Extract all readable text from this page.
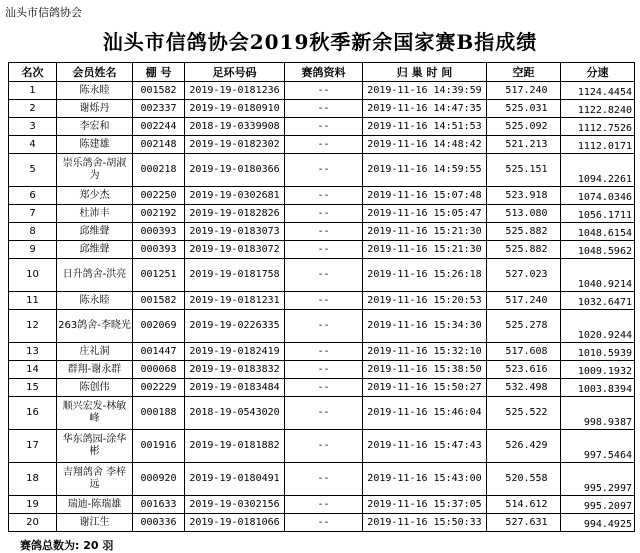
汕头市信鸽协会
汕头市信鸽协会2019秋季新余国家赛B指成绩
名次	会员姓名	棚 号	足环号码	赛鸽资料	归 巢 时 间	空距	分速
1	陈永睦	001582	2019-19-0181236	--	2019-11-16 14:39:59	517.240	1124.4454
2	谢烁丹	002337	2019-19-0180910	--	2019-11-16 14:47:35	525.031	1122.8240
3	李宏和	002244	2018-19-0339908	--	2019-11-16 14:51:53	525.092	1112.7526
4	陈建雄	002148	2019-19-0182302	--	2019-11-16 14:48:42	521.213	1112.0171
5	崇乐鸽舍-胡淑为	000218	2019-19-0180366	--	2019-11-16 14:59:55	525.151	1094.2261
6	郑少杰	002250	2019-19-0302681	--	2019-11-16 15:07:48	523.918	1074.0346
7	杜沛丰	002192	2019-19-0182826	--	2019-11-16 15:05:47	513.080	1056.1711
8	邱维聲	000393	2019-19-0183073	--	2019-11-16 15:21:30	525.882	1048.6154
9	邱维聲	000393	2019-19-0183072	--	2019-11-16 15:21:30	525.882	1048.5962
10	日升鸽舍-洪亮	001251	2019-19-0181758	--	2019-11-16 15:26:18	527.023	1040.9214
11	陈永睦	001582	2019-19-0181231	--	2019-11-16 15:20:53	517.240	1032.6471
12	263鸽舍-李晓光	002069	2019-19-0226335	--	2019-11-16 15:34:30	525.278	1020.9244
13	庄礼洞	001447	2019-19-0182419	--	2019-11-16 15:32:10	517.608	1010.5939
14	群翔-谢永群	000068	2019-19-0183832	--	2019-11-16 15:38:50	523.616	1009.1932
15	陈创伟	002229	2019-19-0183484	--	2019-11-16 15:50:27	532.498	1003.8394
16	顺兴宏发-林敏峰	000188	2018-19-0543020	--	2019-11-16 15:46:04	525.522	998.9387
17	华东鸽园-涂华彬	001916	2019-19-0181882	--	2019-11-16 15:47:43	526.429	997.5464
18	吉翔鸽舍 李梓远	000920	2019-19-0180491	--	2019-11-16 15:43:00	520.558	995.2997
19	瑞迪-陈瑞雄	001633	2019-19-0302156	--	2019-11-16 15:37:05	514.612	995.2097
20	谢江生	000336	2019-19-0181066	--	2019-11-16 15:50:33	527.631	994.4925
赛鸽总数为: 20 羽
